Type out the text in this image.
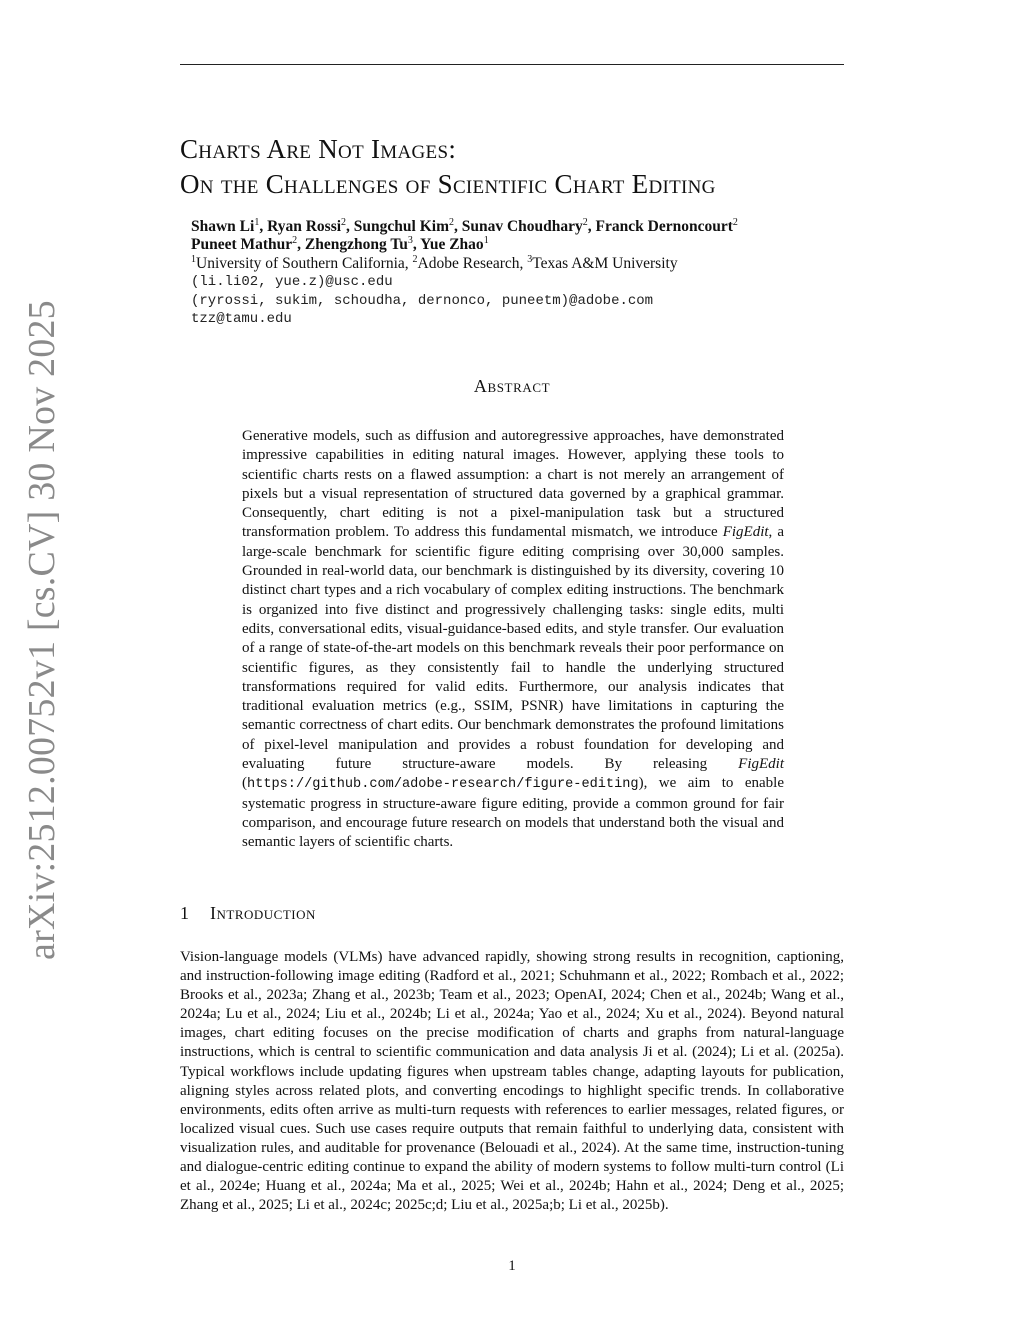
Charts Are Not Images:
On the Challenges of Scientific Chart Editing
Shawn Li$^1$, Ryan Rossi$^2$, Sungchul Kim$^2$, Sunav Choudhary$^2$, Franck Dernoncourt$^2$
Puneet Mathur$^2$, Zhengzhong Tu$^3$, Yue Zhao$^1$
$^1$University of Southern California, $^2$Adobe Research, $^3$Texas A&M University
(li.li02, yue.z)@usc.edu
(ryrossi, sukim, schoudha, dernonco, puneetm)@adobe.com
tzz@tamu.edu
arXiv:2512.00752v1 [cs.CV] 30 Nov 2025	Abstract

Generative models, such as diffusion and autoregressive approaches, have demonstrated impressive capabilities in editing natural images. However, applying these tools to scientific charts rests on a flawed assumption: a chart is not merely an arrangement of pixels but a visual representation of structured data governed by a graphical grammar. Consequently, chart editing is not a pixel-manipulation task but a structured transformation problem. To address this fundamental mismatch, we introduce FigEdit, a large-scale benchmark for scientific figure editing comprising over 30,000 samples. Grounded in real-world data, our benchmark is distinguished by its diversity, covering 10 distinct chart types and a rich vocabulary of complex editing instructions. The benchmark is organized into five distinct and progressively challenging tasks: single edits, multi edits, conversational edits, visual-guidance-based edits, and style transfer. Our evaluation of a range of state-of-the-art models on this benchmark reveals their poor performance on scientific figures, as they consistently fail to handle the underlying structured transformations required for valid edits. Furthermore, our analysis indicates that traditional evaluation metrics (e.g., SSIM, PSNR) have limitations in capturing the semantic correctness of chart edits. Our benchmark demonstrates the profound limitations of pixel-level manipulation and provides a robust foundation for developing and evaluating future structure-aware models. By releasing FigEdit (https://github.com/adobe-research/figure-editing), we aim to enable systematic progress in structure-aware figure editing, provide a common ground for fair comparison, and encourage future research on models that understand both the visual and semantic layers of scientific charts.

1 Introduction

Vision-language models (VLMs) have advanced rapidly, showing strong results in recognition, captioning, and instruction-following image editing (Radford et al., 2021; Schuhmann et al., 2022; Rombach et al., 2022; Brooks et al., 2023a; Zhang et al., 2023b; Team et al., 2023; OpenAI, 2024; Chen et al., 2024b; Wang et al., 2024a; Lu et al., 2024; Liu et al., 2024b; Li et al., 2024a; Yao et al., 2024; Xu et al., 2024). Beyond natural images, chart editing focuses on the precise modification of charts and graphs from natural-language instructions, which is central to scientific communication and data analysis Ji et al. (2024); Li et al. (2025a). Typical workflows include updating figures when upstream tables change, adapting layouts for publication, aligning styles across related plots, and converting encodings to highlight specific trends. In collaborative environments, edits often arrive as multi-turn requests with references to earlier messages, related figures, or localized visual cues. Such use cases require outputs that remain faithful to underlying data, consistent with visualization rules, and auditable for provenance (Belouadi et al., 2024). At the same time, instruction-tuning and dialogue-centric editing continue to expand the ability of modern systems to follow multi-turn control (Li et al., 2024e; Huang et al., 2024a; Ma et al., 2025; Wei et al., 2024b; Hahn et al., 2024; Deng et al., 2025; Zhang et al., 2025; Li et al., 2024c; 2025c;d; Liu et al., 2025a;b; Li et al., 2025b).

1
